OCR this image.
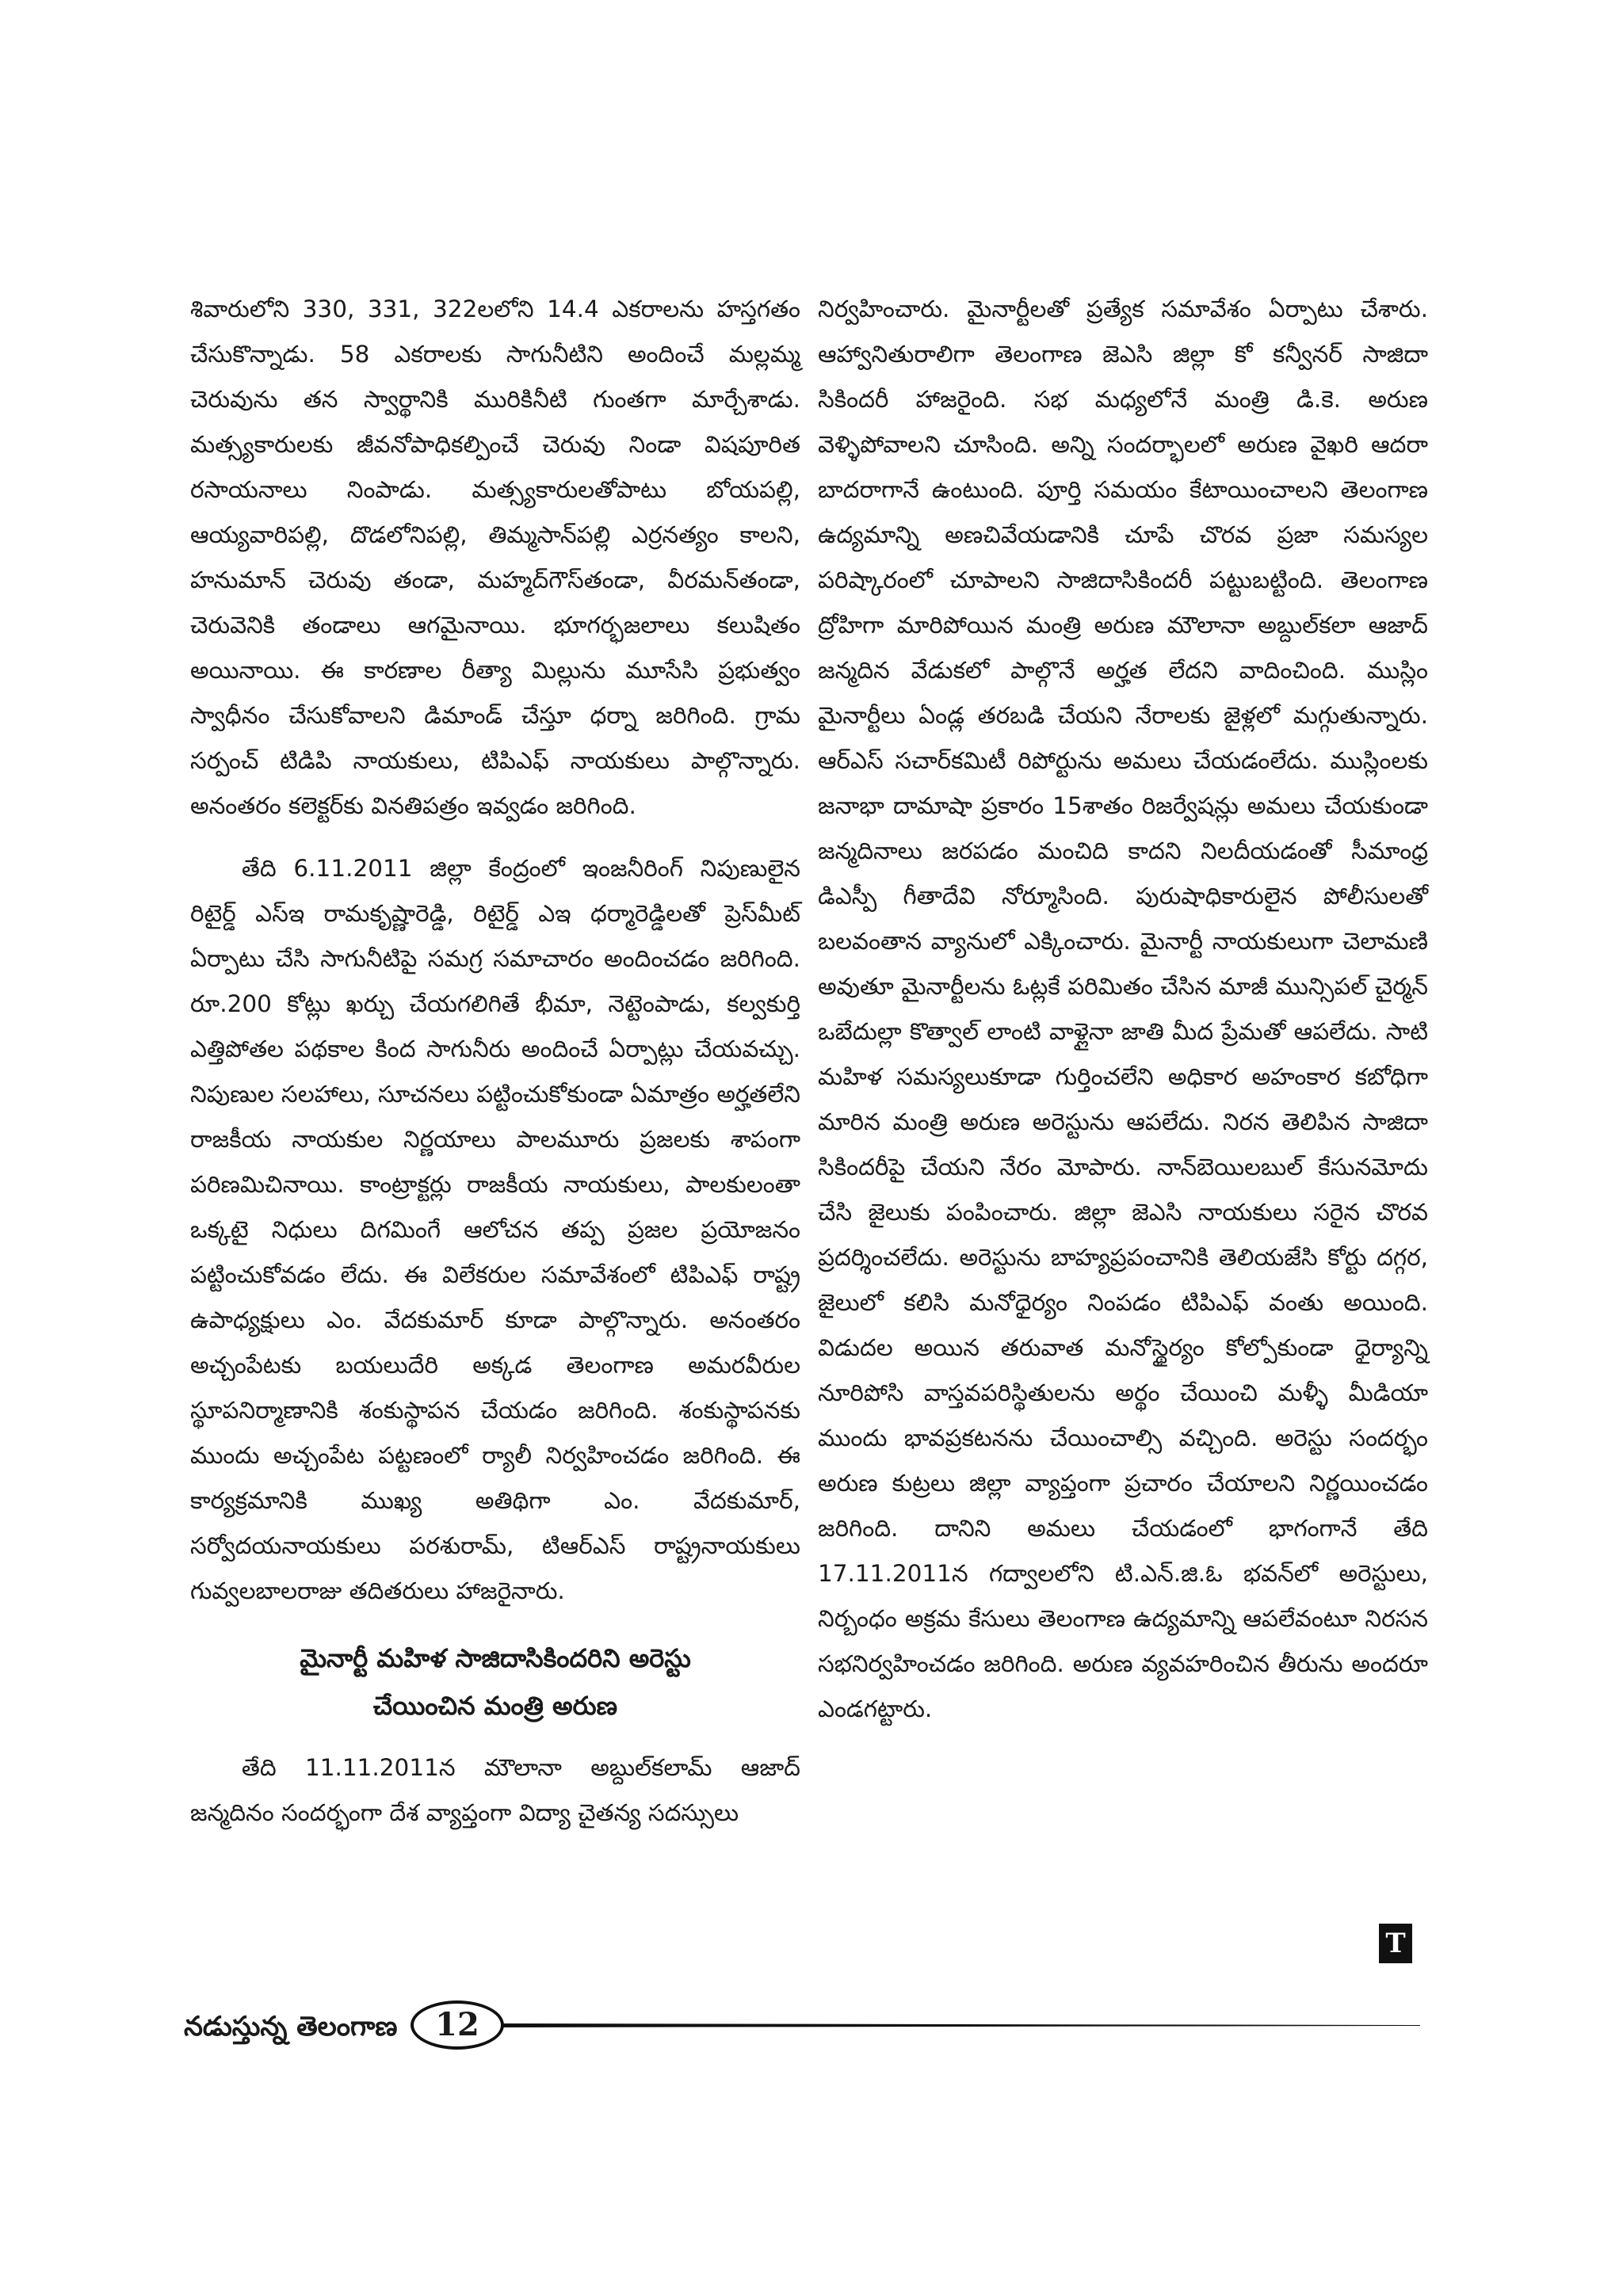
శివారులోని 330, 331, 322లలోని 14.4 ఎకరాలను హస్తగతం చేసుకొన్నాడు. 58 ఎకరాలకు సాగునీటిని అందించే మల్లమ్మ చెరువును తన స్వార్థానికి మురికినీటి గుంతగా మార్చేశాడు. మత్స్యకారులకు జీవనోపాధికల్పించే చెరువు నిండా విషపూరిత రసాయనాలు నింపాడు. మత్స్యకారులతోపాటు బోయపల్లి, ఆయ్యవారిపల్లి, దొడలోనిపల్లి, తిమ్మసాన్‌పల్లి ఎర్రనత్యం కాలని, హనుమాన్ చెరువు తండా, మహ్మద్‌గౌస్‌తండా, వీరమన్‌తండా, చెరువెనికి తండాలు ఆగమైనాయి. భూగర్భజలాలు కలుషితం అయినాయి. ఈ కారణాల రీత్యా మిల్లును మూసేసి ప్రభుత్వం స్వాధీనం చేసుకోవాలని డిమాండ్ చేస్తూ ధర్నా జరిగింది. గ్రామ సర్పంచ్ టిడిపి నాయకులు, టిపిఎఫ్ నాయకులు పాల్గొన్నారు. అనంతరం కలెక్టర్‌కు వినతిపత్రం ఇవ్వడం జరిగింది.

తేది 6.11.2011 జిల్లా కేంద్రంలో ఇంజనీరింగ్ నిపుణులైన రిటైర్డ్ ఎస్ఇ రామకృష్ణారెడ్డి, రిటైర్డ్ ఎఇ ధర్మారెడ్డిలతో ప్రెస్‌మీట్ ఏర్పాటు చేసి సాగునీటిపై సమగ్ర సమాచారం అందించడం జరిగింది. రూ.200 కోట్లు ఖర్చు చేయగలిగితే భీమా, నెట్టెంపాడు, కల్వకుర్తి ఎత్తిపోతల పథకాల కింద సాగునీరు అందించే ఏర్పాట్లు చేయవచ్చు. నిపుణుల సలహాలు, సూచనలు పట్టించుకోకుండా ఏమాత్రం అర్హతలేని రాజకీయ నాయకుల నిర్ణయాలు పాలమూరు ప్రజలకు శాపంగా పరిణమిచినాయి. కాంట్రాక్టర్లు రాజకీయ నాయకులు, పాలకులంతా ఒక్కటై నిధులు దిగమింగే ఆలోచన తప్ప ప్రజల ప్రయోజనం పట్టించుకోవడం లేదు. ఈ విలేకరుల సమావేశంలో టిపిఎఫ్ రాష్ట్ర ఉపాధ్యక్షులు ఎం. వేదకుమార్ కూడా పాల్గొన్నారు. అనంతరం అచ్చంపేటకు బయలుదేరి అక్కడ తెలంగాణ అమరవీరుల స్థూపనిర్మాణానికి శంకుస్థాపన చేయడం జరిగింది. శంకుస్థాపనకు ముందు అచ్చంపేట పట్టణంలో ర్యాలీ నిర్వహించడం జరిగింది. ఈ కార్యక్రమానికి ముఖ్య అతిథిగా ఎం. వేదకుమార్, సర్వోదయనాయకులు పరశురామ్, టిఆర్ఎస్ రాష్ట్రనాయకులు గువ్వలబాలరాజు తదితరులు హాజరైనారు.

మైనార్టీ మహిళ సాజిదాసికిందరిని అరెస్టు
చేయించిన మంత్రి అరుణ

తేది 11.11.2011న మౌలానా అబ్దుల్‌కలామ్ ఆజాద్ జన్మదినం సందర్భంగా దేశ వ్యాప్తంగా విద్యా చైతన్య సదస్సులు

నిర్వహించారు. మైనార్టీలతో ప్రత్యేక సమావేశం ఏర్పాటు చేశారు. ఆహ్వానితురాలిగా తెలంగాణ జెఎసి జిల్లా కో కన్వీనర్ సాజిదా సికిందరీ హాజరైంది. సభ మధ్యలోనే మంత్రి డి.కె. అరుణ వెళ్ళిపోవాలని చూసింది. అన్ని సందర్భాలలో అరుణ వైఖరి ఆదరా బాదరాగానే ఉంటుంది. పూర్తి సమయం కేటాయించాలని తెలంగాణ ఉద్యమాన్ని అణచివేయడానికి చూపే చొరవ ప్రజా సమస్యల పరిష్కారంలో చూపాలని సాజిదాసికిందరీ పట్టుబట్టింది. తెలంగాణ ద్రోహిగా మారిపోయిన మంత్రి అరుణ మౌలానా అబ్దుల్‌కలా ఆజాద్ జన్మదిన వేడుకలో పాల్గొనే అర్హత లేదని వాదించింది. ముస్లిం మైనార్టీలు ఏండ్ల తరబడి చేయని నేరాలకు జైళ్లలో మగ్గుతున్నారు. ఆర్ఎస్ సచార్‌కమిటీ రిపోర్టును అమలు చేయడంలేదు. ముస్లింలకు జనాభా దామాషా ప్రకారం 15శాతం రిజర్వేషన్లు అమలు చేయకుండా జన్మదినాలు జరపడం మంచిది కాదని నిలదీయడంతో సీమాంధ్ర డిఎస్పీ గీతాదేవి నోర్మూసింది. పురుషాధికారులైన పోలీసులతో బలవంతాన వ్యానులో ఎక్కించారు. మైనార్టీ నాయకులుగా చెలామణి అవుతూ మైనార్టీలను ఓట్లకే పరిమితం చేసిన మాజీ మున్సిపల్ చైర్మన్ ఒబేదుల్లా కొత్వాల్ లాంటి వాళ్లైనా జాతి మీద ప్రేమతో ఆపలేదు. సాటి మహిళ సమస్యలుకూడా గుర్తించలేని అధికార అహంకార కబోధిగా మారిన మంత్రి అరుణ అరెస్టును ఆపలేదు. నిరన తెలిపిన సాజిదా సికిందరీపై చేయని నేరం మోపారు. నాన్‌బెయిలబుల్ కేసునమోదు చేసి జైలుకు పంపించారు. జిల్లా జెఎసి నాయకులు సరైన చొరవ ప్రదర్శించలేదు. అరెస్టును బాహ్యప్రపంచానికి తెలియజేసి కోర్టు దగ్గర, జైలులో కలిసి మనోధైర్యం నింపడం టిపిఎఫ్ వంతు అయింది. విడుదల అయిన తరువాత మనోస్థైర్యం కోల్పోకుండా ధైర్యాన్ని నూరిపోసి వాస్తవపరిస్థితులను అర్థం చేయించి మళ్ళీ మీడియా ముందు భావప్రకటనను చేయించాల్సి వచ్చింది. అరెస్టు సందర్భం అరుణ కుట్రలు జిల్లా వ్యాప్తంగా ప్రచారం చేయాలని నిర్ణయించడం జరిగింది. దానిని అమలు చేయడంలో భాగంగానే తేది 17.11.2011న గద్వాలలోని టి.ఎన్.జి.ఓ భవన్‌లో అరెస్టులు, నిర్బంధం అక్రమ కేసులు తెలంగాణ ఉద్యమాన్ని ఆపలేవంటూ నిరసన సభనిర్వహించడం జరిగింది. అరుణ వ్యవహరించిన తీరును అందరూ ఎండగట్టారు.

T
నడుస్తున్న తెలంగాణ	12
